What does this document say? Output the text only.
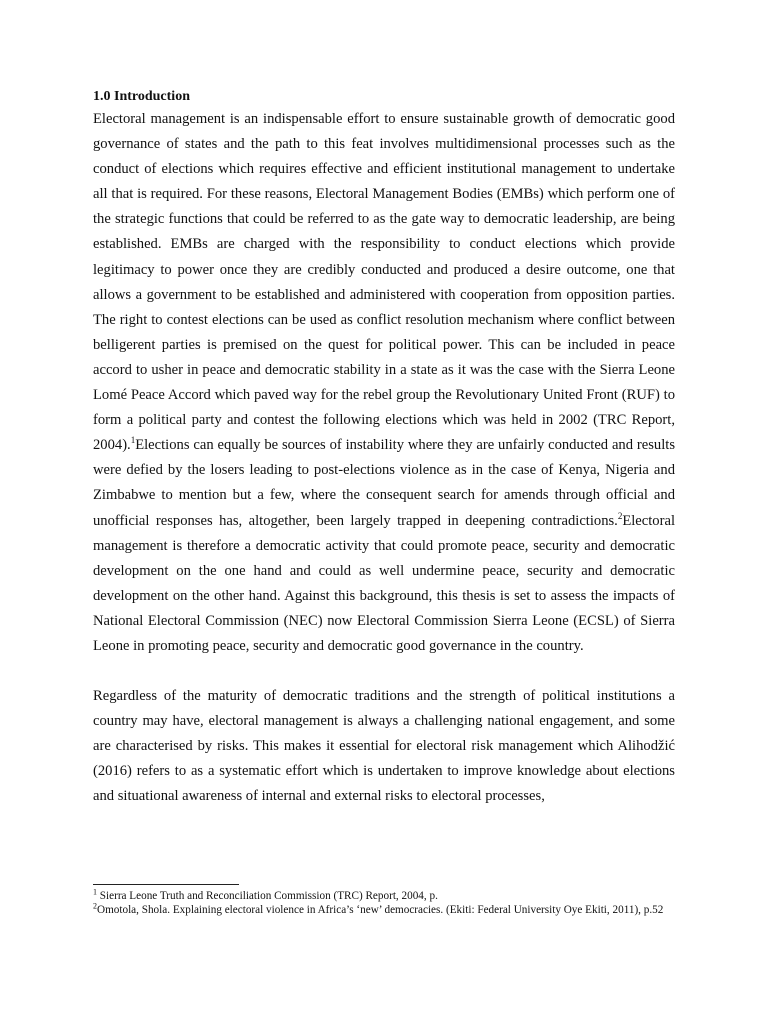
1.0 Introduction

Electoral management is an indispensable effort to ensure sustainable growth of democratic good governance of states and the path to this feat involves multidimensional processes such as the conduct of elections which requires effective and efficient institutional management to undertake all that is required. For these reasons, Electoral Management Bodies (EMBs) which perform one of the strategic functions that could be referred to as the gate way to democratic leadership, are being established. EMBs are charged with the responsibility to conduct elections which provide legitimacy to power once they are credibly conducted and produced a desire outcome, one that allows a government to be established and administered with cooperation from opposition parties. The right to contest elections can be used as conflict resolution mechanism where conflict between belligerent parties is premised on the quest for political power. This can be included in peace accord to usher in peace and democratic stability in a state as it was the case with the Sierra Leone Lomé Peace Accord which paved way for the rebel group the Revolutionary United Front (RUF) to form a political party and contest the following elections which was held in 2002 (TRC Report, 2004).$^1$Elections can equally be sources of instability where they are unfairly conducted and results were defied by the losers leading to post-elections violence as in the case of Kenya, Nigeria and Zimbabwe to mention but a few, where the consequent search for amends through official and unofficial responses has, altogether, been largely trapped in deepening contradictions.$^2$Electoral management is therefore a democratic activity that could promote peace, security and democratic development on the one hand and could as well undermine peace, security and democratic development on the other hand. Against this background, this thesis is set to assess the impacts of National Electoral Commission (NEC) now Electoral Commission Sierra Leone (ECSL) of Sierra Leone in promoting peace, security and democratic good governance in the country.

Regardless of the maturity of democratic traditions and the strength of political institutions a country may have, electoral management is always a challenging national engagement, and some are characterised by risks. This makes it essential for electoral risk management which Alihodžić (2016) refers to as a systematic effort which is undertaken to improve knowledge about elections and situational awareness of internal and external risks to electoral processes,

$^1$ Sierra Leone Truth and Reconciliation Commission (TRC) Report, 2004, p.

$^2$Omotola, Shola. Explaining electoral violence in Africa’s ‘new’ democracies. (Ekiti: Federal University Oye Ekiti, 2011), p.52
